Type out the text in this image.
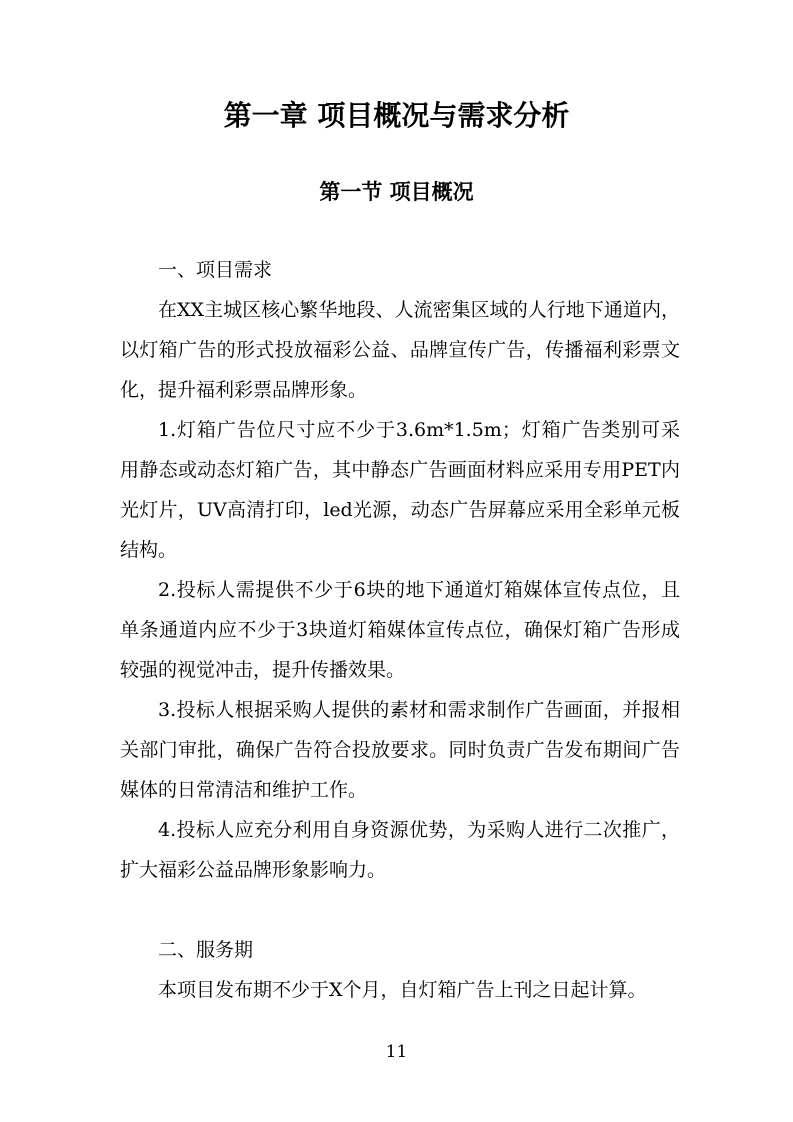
第一章 项目概况与需求分析
第一节 项目概况

一、项目需求

在XX主城区核心繁华地段、人流密集区域的人行地下通道内，以灯箱广告的形式投放福彩公益、品牌宣传广告，传播福利彩票文化，提升福利彩票品牌形象。

1.灯箱广告位尺寸应不少于3.6m*1.5m；灯箱广告类别可采用静态或动态灯箱广告，其中静态广告画面材料应采用专用PET内光灯片，UV高清打印，led光源，动态广告屏幕应采用全彩单元板结构。

2.投标人需提供不少于6块的地下通道灯箱媒体宣传点位，且单条通道内应不少于3块道灯箱媒体宣传点位，确保灯箱广告形成较强的视觉冲击，提升传播效果。

3.投标人根据采购人提供的素材和需求制作广告画面，并报相关部门审批，确保广告符合投放要求。同时负责广告发布期间广告媒体的日常清洁和维护工作。

4.投标人应充分利用自身资源优势，为采购人进行二次推广，扩大福彩公益品牌形象影响力。

二、服务期

本项目发布期不少于X个月，自灯箱广告上刊之日起计算。

11
